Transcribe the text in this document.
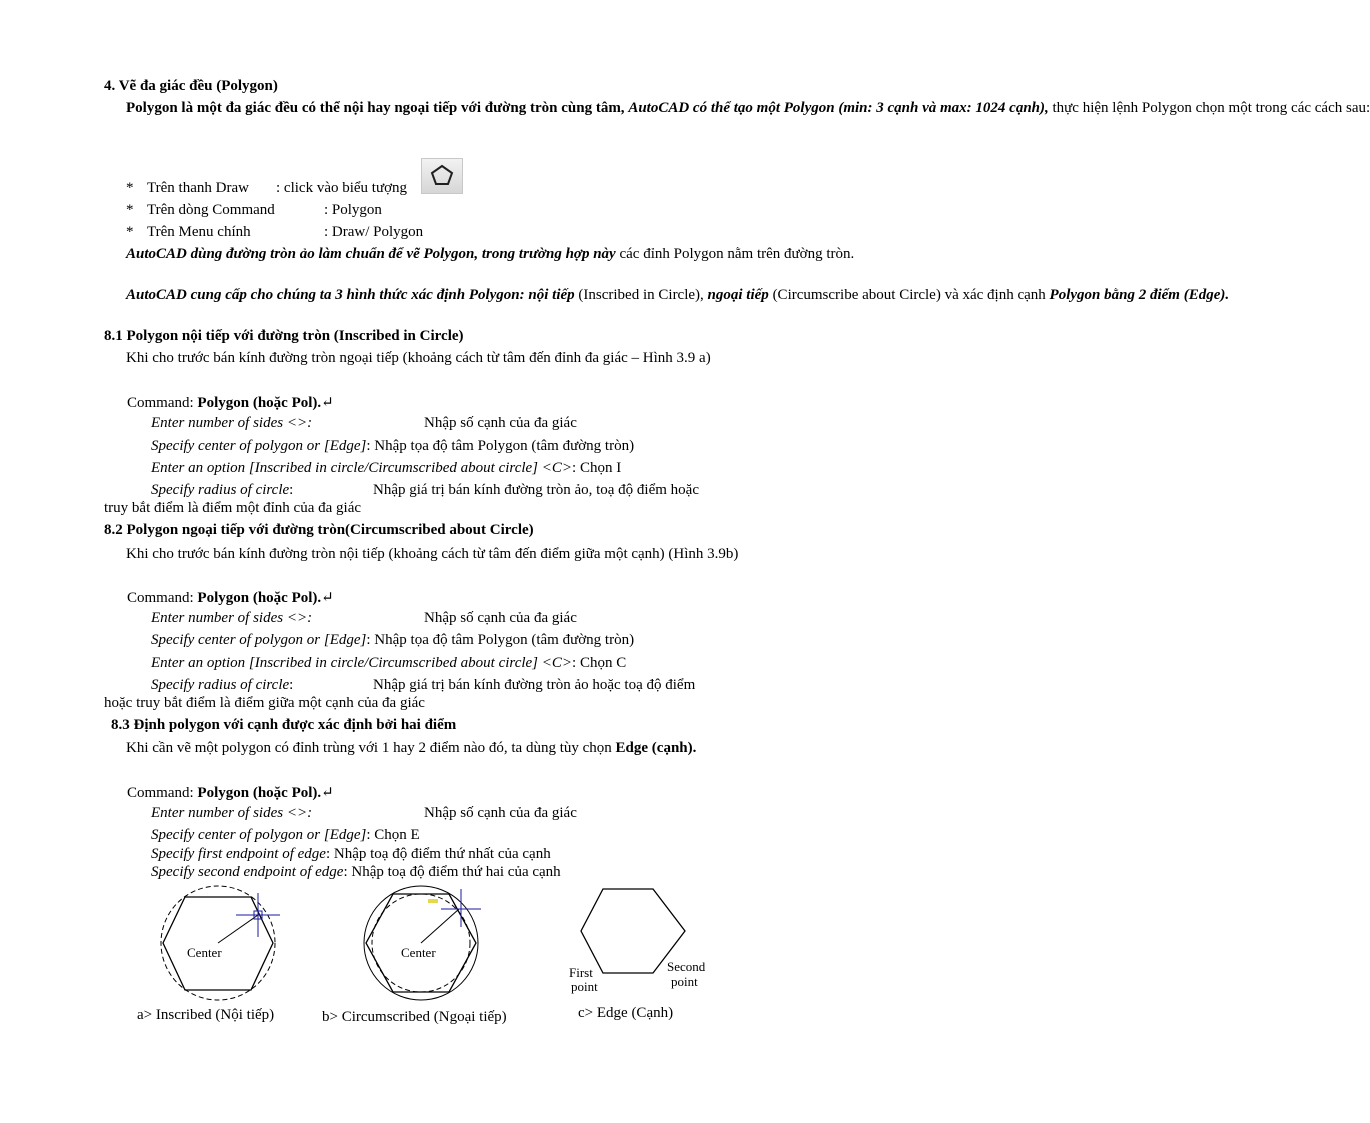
4. Vẽ đa giác đều (Polygon)

Polygon là một đa giác đều có thể nội hay ngoại tiếp với đường tròn cùng tâm, AutoCAD có thể tạo một Polygon (min: 3 cạnh và max: 1024 cạnh), thực hiện lệnh Polygon chọn một trong các cách sau:

* Trên thanh Draw : click vào biểu tượng
* Trên dòng Command	: Polygon
* Trên Menu chính	: Draw/ Polygon

AutoCAD dùng đường tròn ảo làm chuẩn để vẽ Polygon, trong trường hợp này các đỉnh Polygon nằm trên đường tròn.

AutoCAD cung cấp cho chúng ta 3 hình thức xác định Polygon: nội tiếp (Inscribed in Circle), ngoại tiếp (Circumscribe about Circle) và xác định cạnh Polygon bằng 2 điểm (Edge).

8.1 Polygon nội tiếp với đường tròn (Inscribed in Circle)

Khi cho trước bán kính đường tròn ngoại tiếp (khoảng cách từ tâm đến đỉnh đa giác – Hình 3.9 a)

Command: Polygon (hoặc Pol).↵
Enter number of sides <>:	Nhập số cạnh của đa giác
Specify center of polygon or [Edge]: Nhập tọa độ tâm Polygon (tâm đường tròn)
Enter an option [Inscribed in circle/Circumscribed about circle] <C>: Chọn I
Specify radius of circle:	Nhập giá trị bán kính đường tròn ảo, toạ độ điểm hoặc
truy bắt điểm là điểm một đỉnh của đa giác
8.2 Polygon ngoại tiếp với đường tròn(Circumscribed about Circle)

Khi cho trước bán kính đường tròn nội tiếp (khoảng cách từ tâm đến điểm giữa một cạnh) (Hình 3.9b)

Command: Polygon (hoặc Pol).↵
Enter number of sides <>:	Nhập số cạnh của đa giác
Specify center of polygon or [Edge]: Nhập tọa độ tâm Polygon (tâm đường tròn)
Enter an option [Inscribed in circle/Circumscribed about circle] <C>: Chọn C
Specify radius of circle:	Nhập giá trị bán kính đường tròn ảo hoặc toạ độ điểm
hoặc truy bắt điểm là điểm giữa một cạnh của đa giác
8.3 Định polygon với cạnh được xác định bởi hai điểm

Khi cần vẽ một polygon có đỉnh trùng với 1 hay 2 điểm nào đó, ta dùng tùy chọn Edge (cạnh).

Command: Polygon (hoặc Pol).↵
Enter number of sides <>:	Nhập số cạnh của đa giác
Specify center of polygon or [Edge]: Chọn E
Specify first endpoint of edge: Nhập toạ độ điểm thứ nhất của cạnh
Specify second endpoint of edge: Nhập toạ độ điểm thứ hai của cạnh
Center	Center
First
point
Second
point
a> Inscribed (Nội tiếp)	b> Circumscribed (Ngoại tiếp)	c> Edge (Cạnh)
